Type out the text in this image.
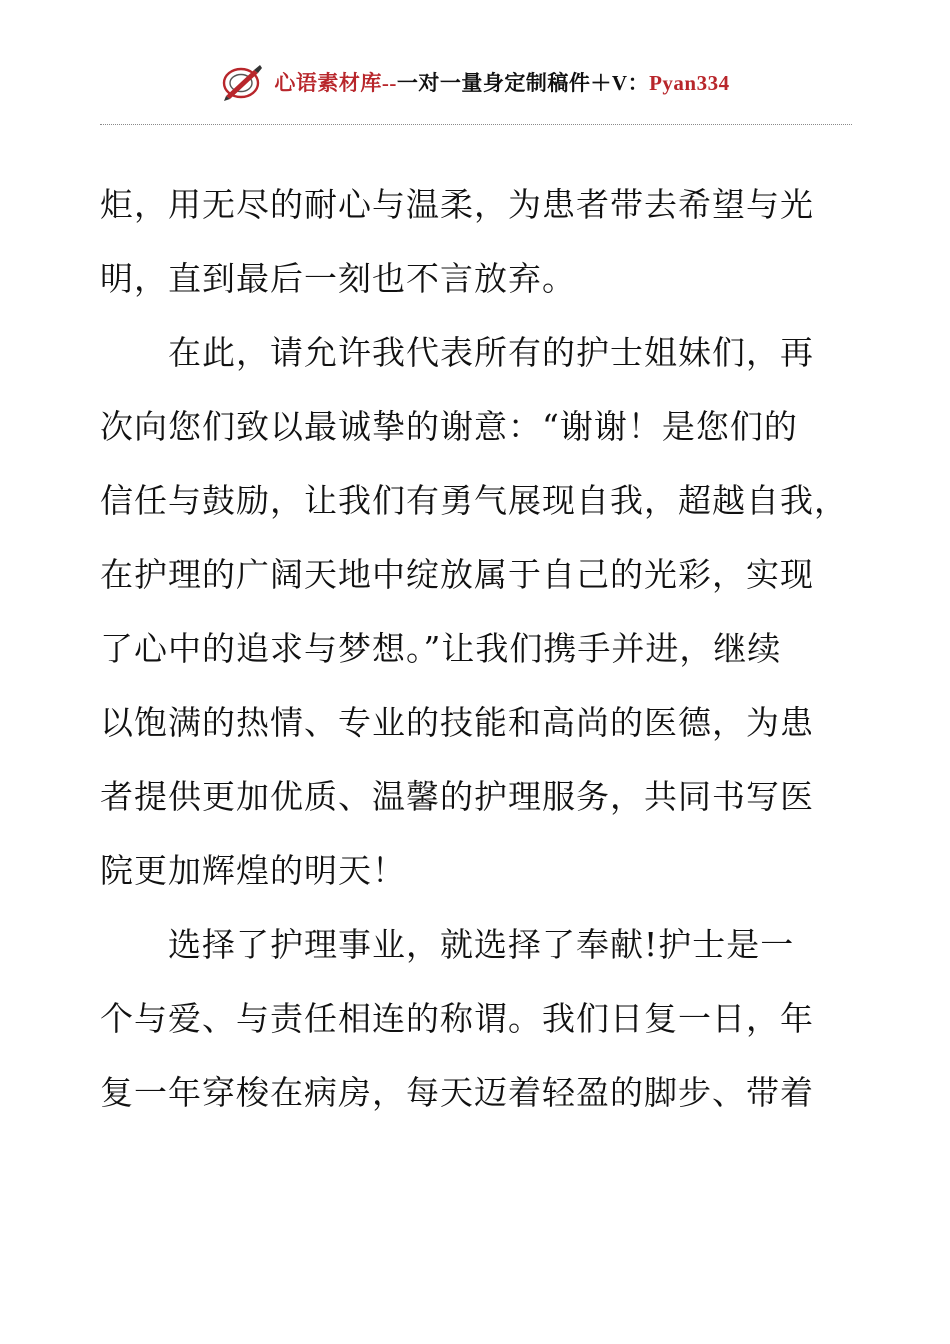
心语素材库--一对一量身定制稿件＋V：Pyan334
炬，用无尽的耐心与温柔，为患者带去希望与光
明，直到最后一刻也不言放弃。
在此，请允许我代表所有的护士姐妹们，再
次向您们致以最诚挚的谢意：“谢谢！是您们的
信任与鼓励，让我们有勇气展现自我，超越自我，
在护理的广阔天地中绽放属于自己的光彩，实现
了心中的追求与梦想。”让我们携手并进，继续
以饱满的热情、专业的技能和高尚的医德，为患
者提供更加优质、温馨的护理服务，共同书写医
院更加辉煌的明天！
选择了护理事业，就选择了奉献!护士是一
个与爱、与责任相连的称谓。我们日复一日，年
复一年穿梭在病房，每天迈着轻盈的脚步、带着
